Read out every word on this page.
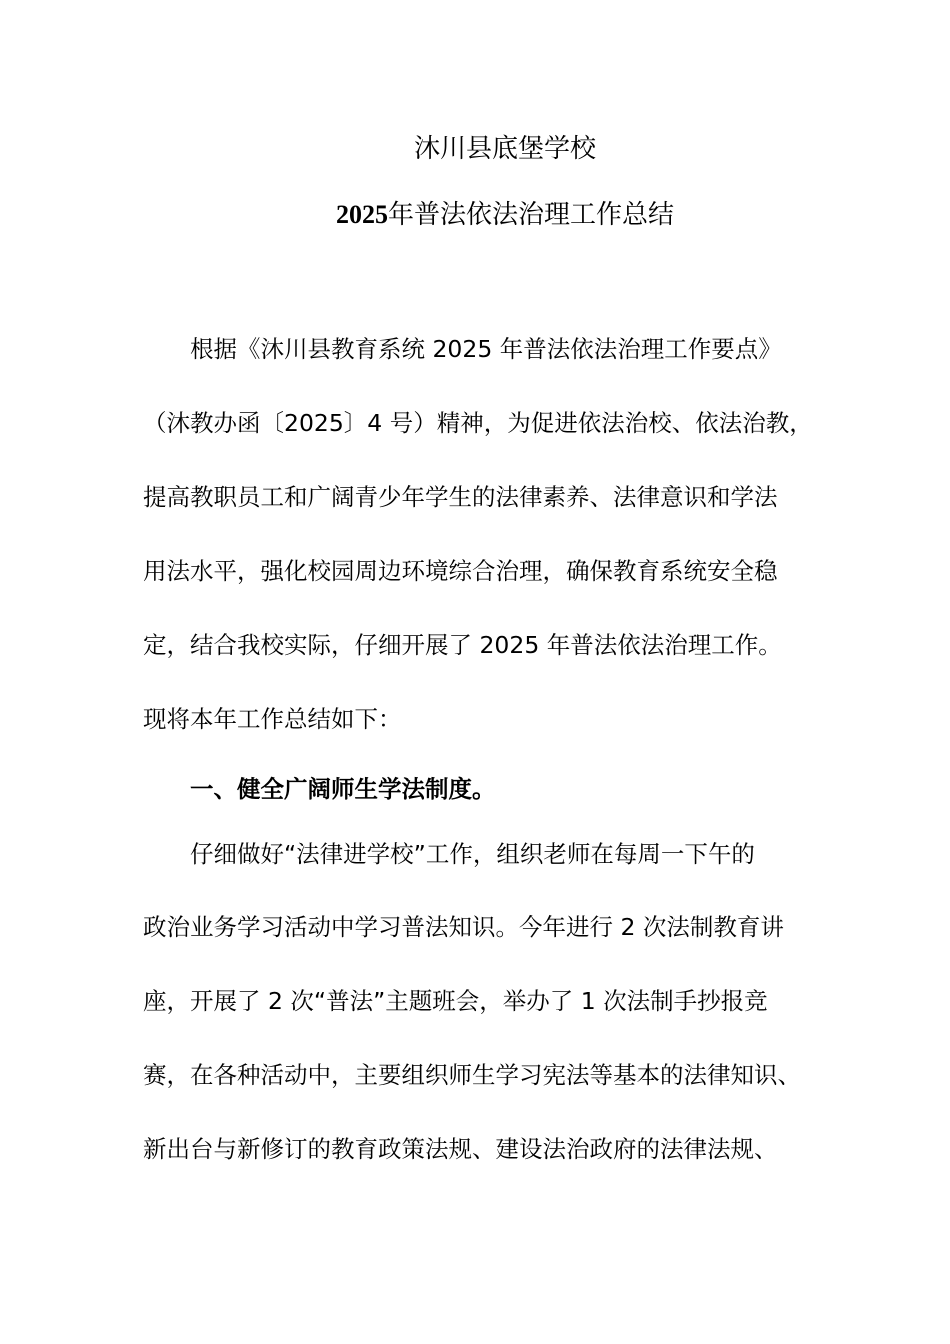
沐川县底堡学校
2025年普法依法治理工作总结
根据《沐川县教育系统 2025 年普法依法治理工作要点》
（沐教办函〔2025〕4 号）精神，为促进依法治校、依法治教，
提高教职员工和广阔青少年学生的法律素养、法律意识和学法
用法水平，强化校园周边环境综合治理，确保教育系统安全稳
定，结合我校实际，仔细开展了 2025 年普法依法治理工作。
现将本年工作总结如下：
一、健全广阔师生学法制度。
仔细做好“法律进学校”工作，组织老师在每周一下午的
政治业务学习活动中学习普法知识。今年进行 2 次法制教育讲
座，开展了 2 次“普法”主题班会，举办了 1 次法制手抄报竞
赛，在各种活动中，主要组织师生学习宪法等基本的法律知识、
新出台与新修订的教育政策法规、建设法治政府的法律法规、
